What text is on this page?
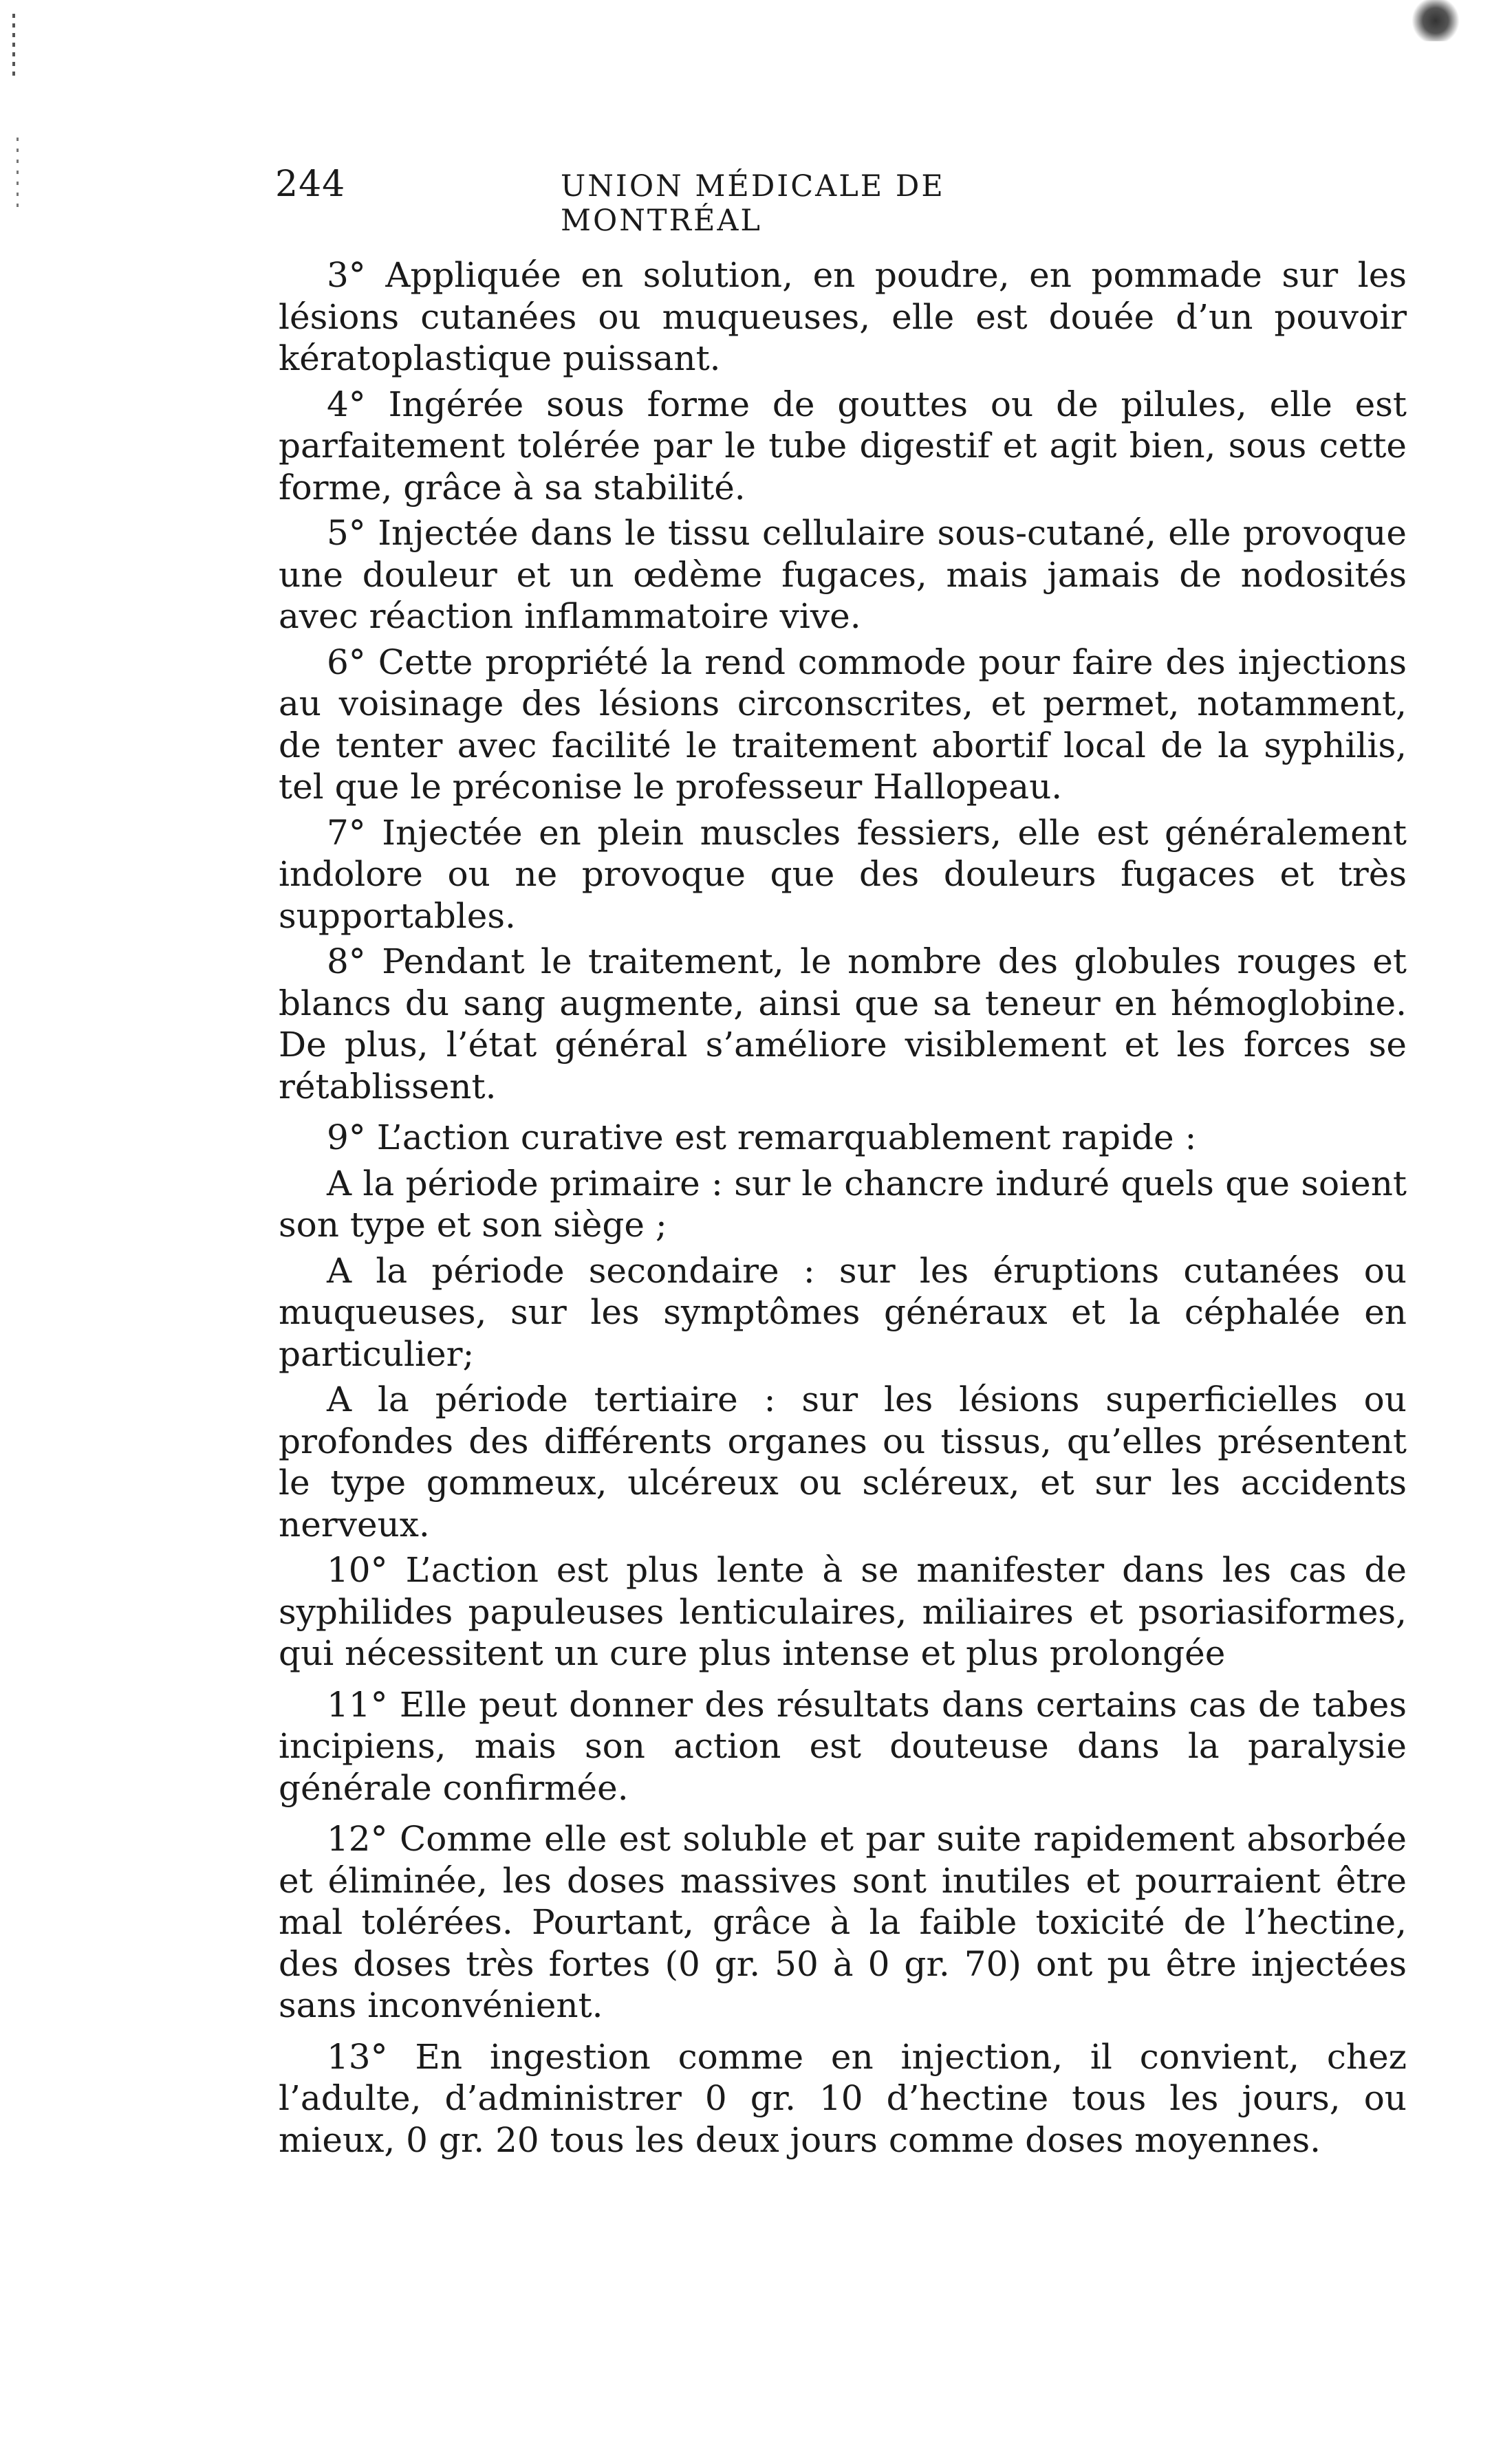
244	UNION MÉDICALE DE MONTRÉAL

3° Appliquée en solution, en poudre, en pommade sur les lésions cutanées ou muqueuses, elle est douée d’un pouvoir kératoplastique puissant.

4° Ingérée sous forme de gouttes ou de pilules, elle est parfaitement tolérée par le tube digestif et agit bien, sous cette forme, grâce à sa stabilité.

5° Injectée dans le tissu cellulaire sous-cutané, elle provoque une douleur et un œdème fugaces, mais jamais de nodosités avec réaction inflammatoire vive.

6° Cette propriété la rend commode pour faire des injections au voisinage des lésions circonscrites, et permet, notamment, de tenter avec facilité le traitement abortif local de la syphilis, tel que le préconise le professeur Hallopeau.

7° Injectée en plein muscles fessiers, elle est généralement indolore ou ne provoque que des douleurs fugaces et très supportables.

8° Pendant le traitement, le nombre des globules rouges et blancs du sang augmente, ainsi que sa teneur en hémoglobine. De plus, l’état général s’améliore visiblement et les forces se rétablissent.

9° L’action curative est remarquablement rapide :

A la période primaire : sur le chancre induré quels que soient son type et son siège ;

A la période secondaire : sur les éruptions cutanées ou muqueuses, sur les symptômes généraux et la céphalée en particulier;

A la période tertiaire : sur les lésions superficielles ou profondes des différents organes ou tissus, qu’elles présentent le type gommeux, ulcéreux ou scléreux, et sur les accidents nerveux.

10° L’action est plus lente à se manifester dans les cas de syphilides papuleuses lenticulaires, miliaires et psoriasiformes, qui nécessitent un cure plus intense et plus prolongée

11° Elle peut donner des résultats dans certains cas de tabes incipiens, mais son action est douteuse dans la paralysie générale confirmée.

12° Comme elle est soluble et par suite rapidement absorbée et éliminée, les doses massives sont inutiles et pourraient être mal tolérées. Pourtant, grâce à la faible toxicité de l’hectine, des doses très fortes (0 gr. 50 à 0 gr. 70) ont pu être injectées sans inconvénient.

13° En ingestion comme en injection, il convient, chez l’adulte, d’administrer 0 gr. 10 d’hectine tous les jours, ou mieux, 0 gr. 20 tous les deux jours comme doses moyennes.
